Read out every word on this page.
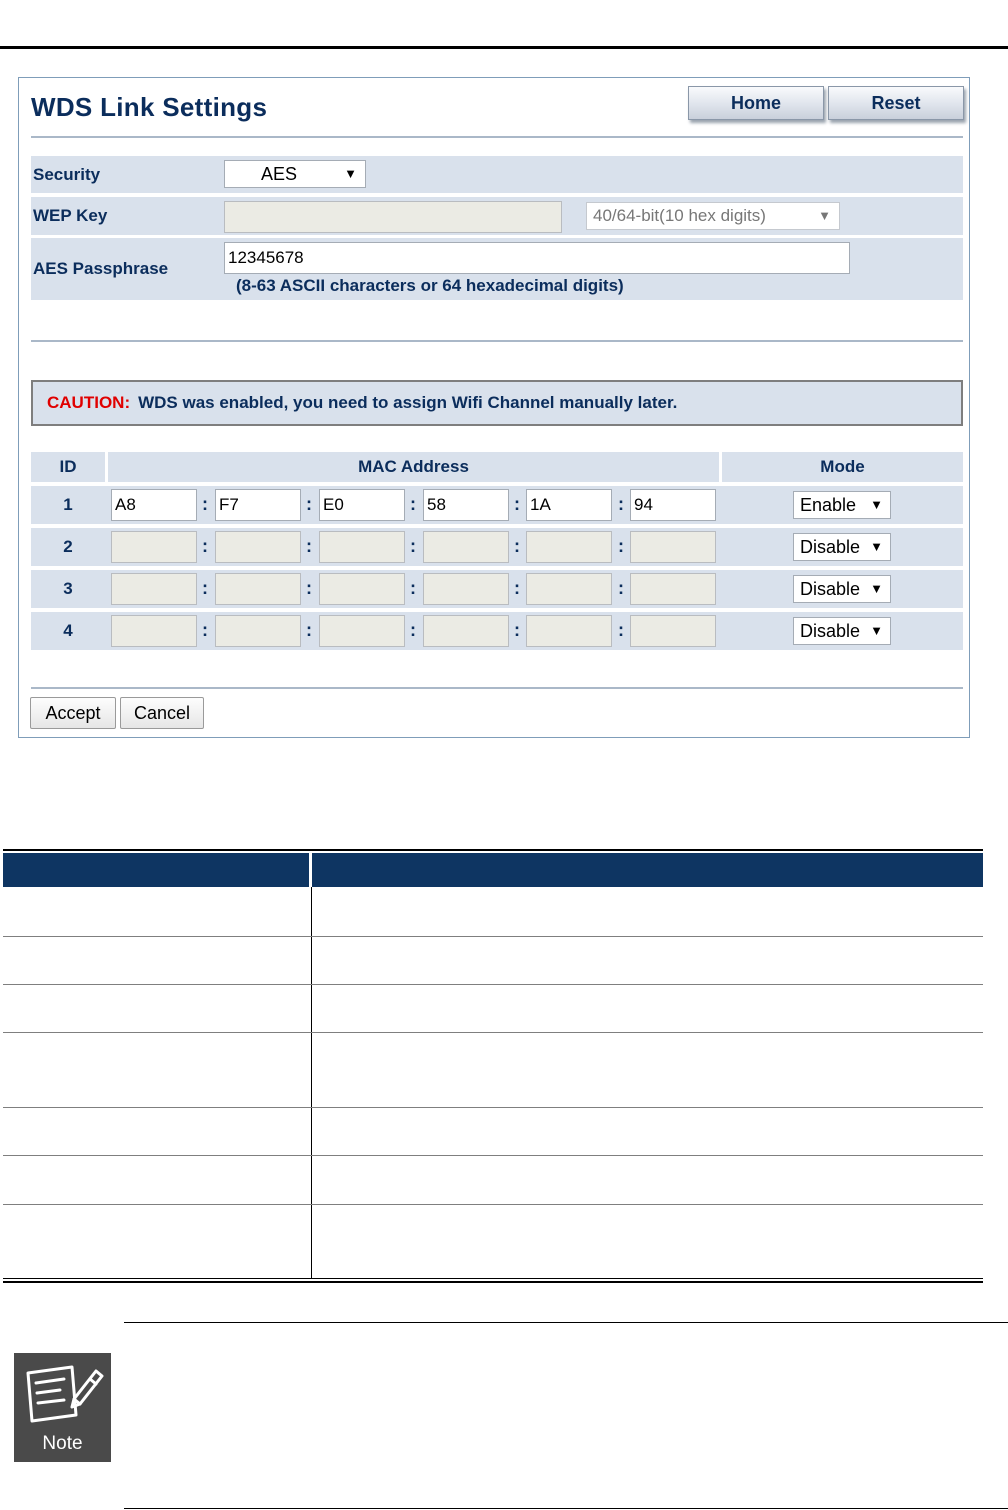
WDS Link Settings	Home	Reset
Security	AES	▼
WEP Key	40/64-bit(10 hex digits)	▼
AES Passphrase
12345678
(8-63 ASCII characters or 64 hexadecimal digits)
CAUTION: WDS was enabled, you need to assign Wifi Channel manually later.
ID	MAC Address	Mode
1	A8	: F7	: E0	: 58	: 1A	: 94	Enable ▼
2	:	:	:	:	:	Disable ▼
3	:	:	:	:	:	Disable ▼
4	:	:	:	:	:	Disable ▼
Accept	Cancel
Note
